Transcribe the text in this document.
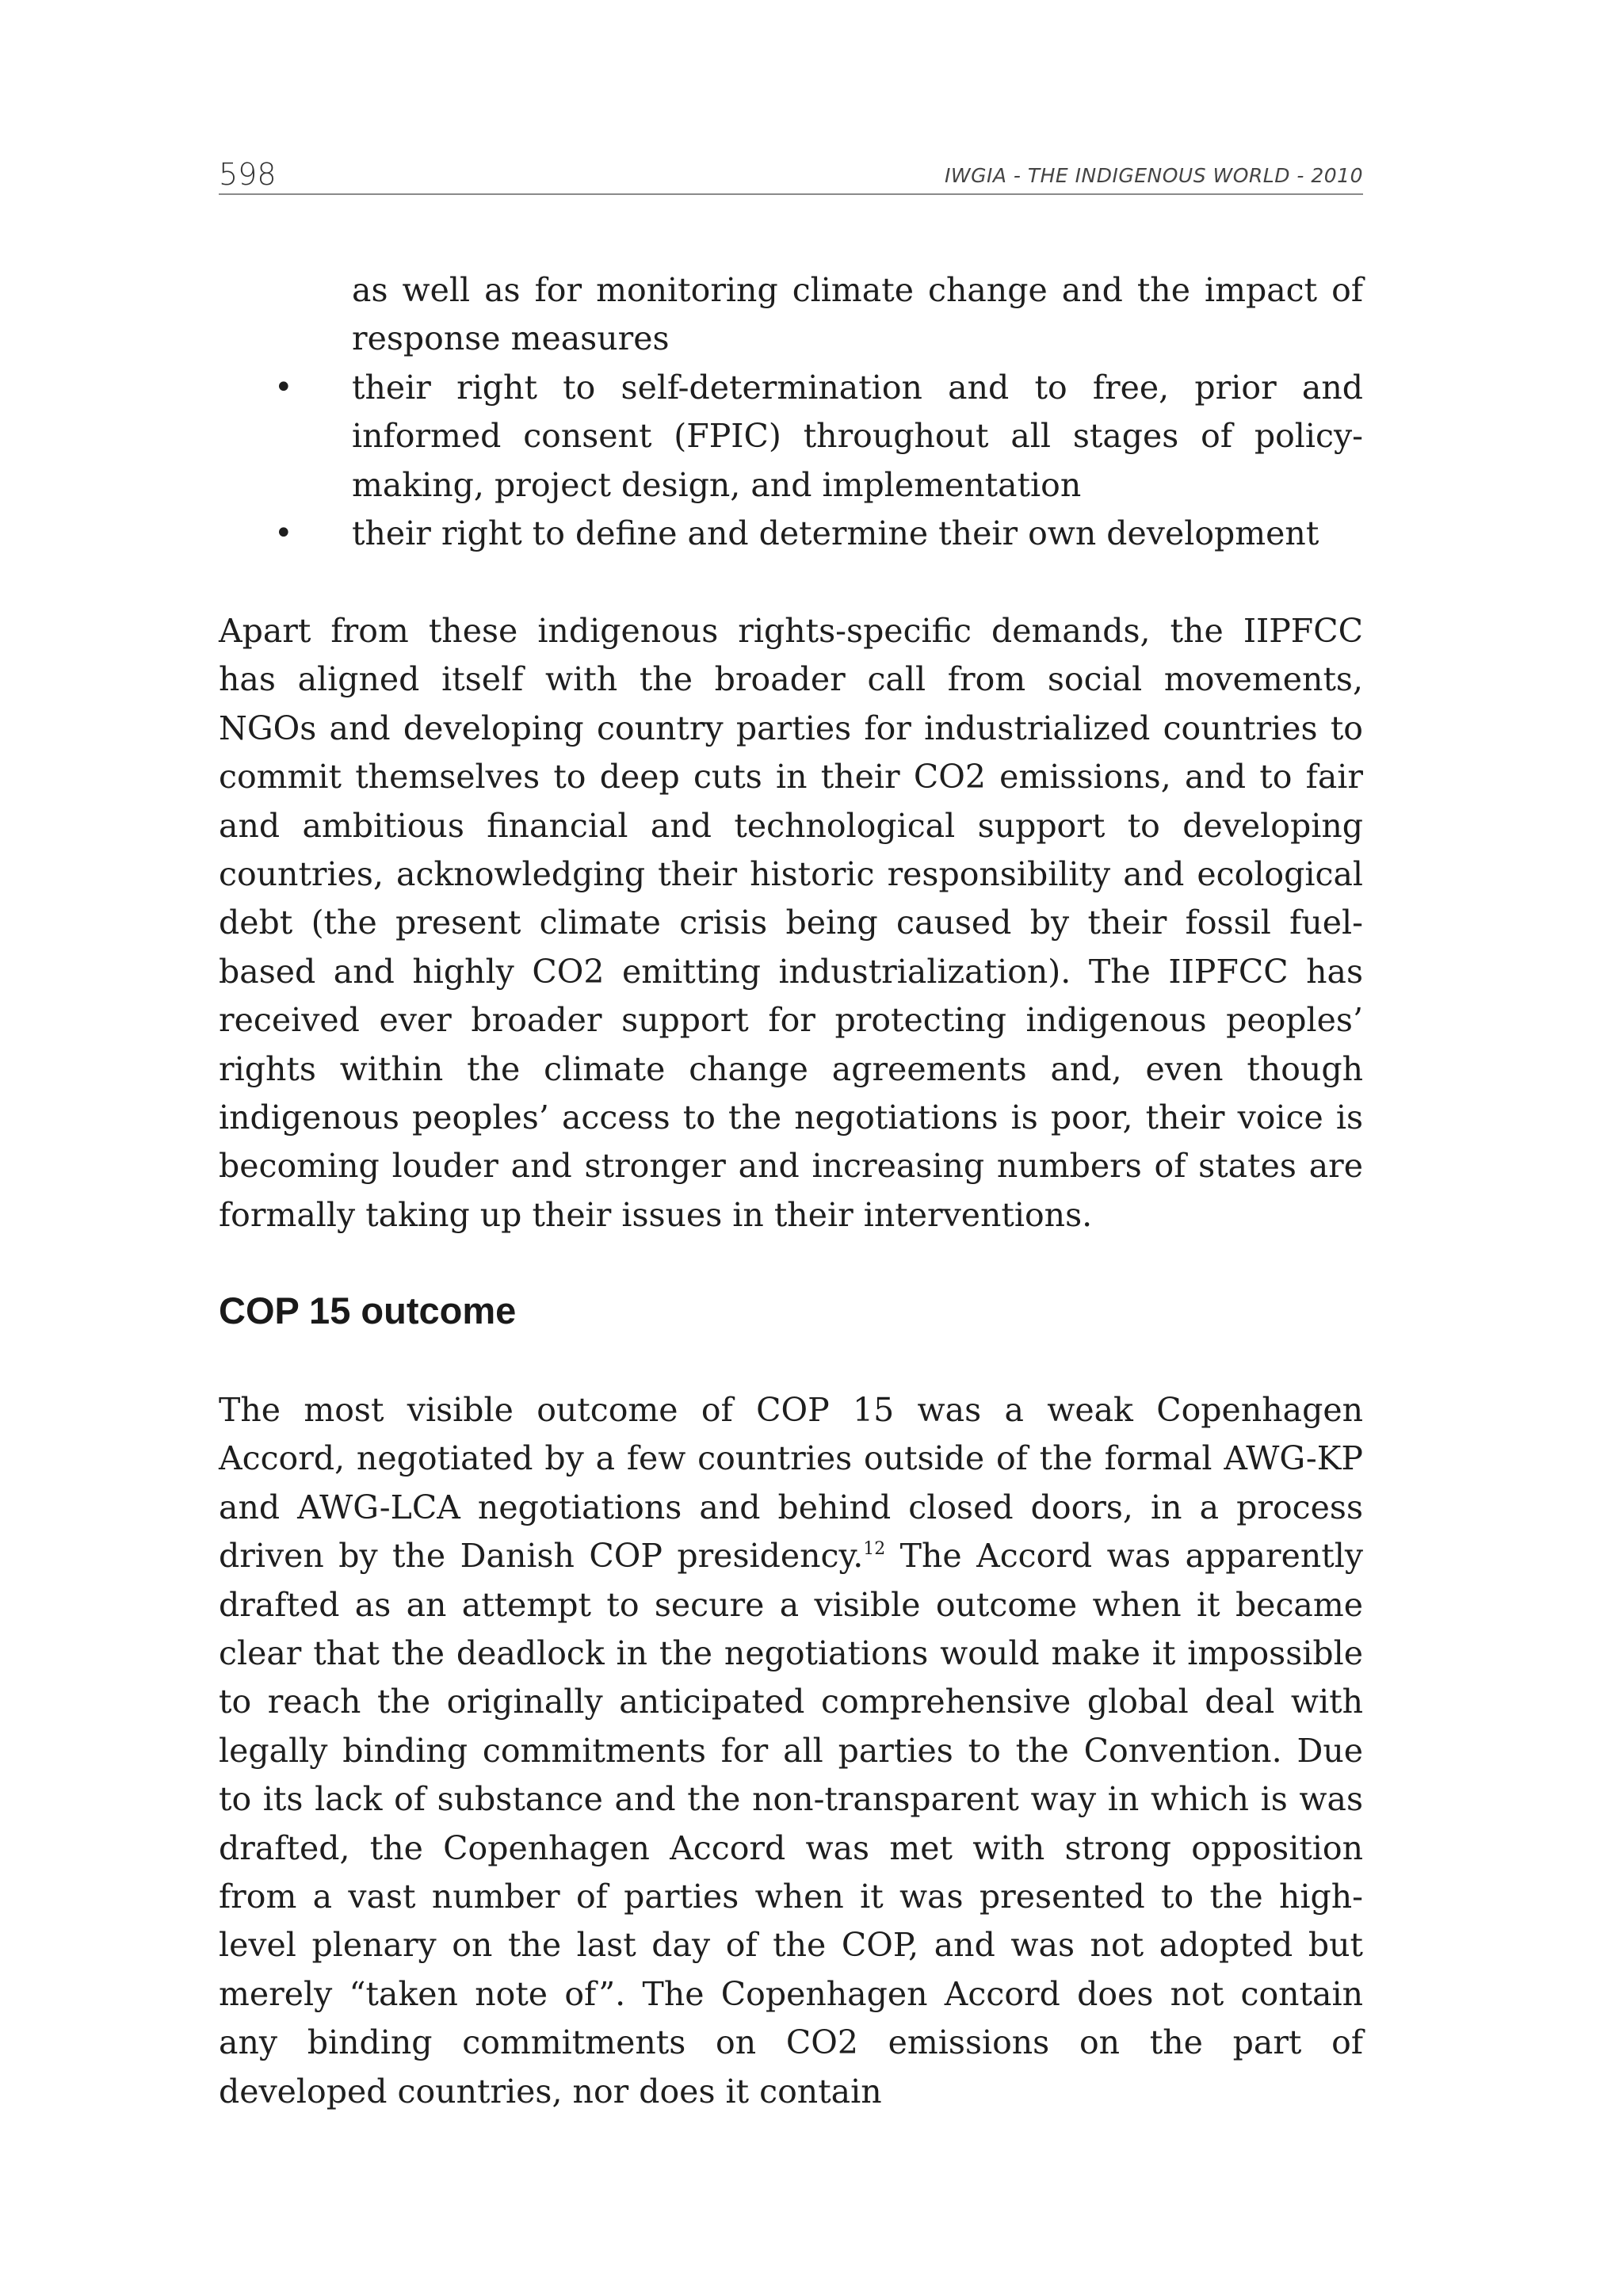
598	IWGIA - THE INDIGENOUS WORLD - 2010

as well as for monitoring climate change and the impact of response measures

• their right to self-determination and to free, prior and informed consent (FPIC) throughout all stages of policy-making, project design, and implementation
• their right to define and determine their own development

Apart from these indigenous rights-specific demands, the IIPFCC has aligned itself with the broader call from social movements, NGOs and developing country parties for industrialized countries to commit themselves to deep cuts in their CO2 emissions, and to fair and ambitious financial and technological support to developing countries, acknowledging their historic responsibility and ecological debt (the present climate crisis being caused by their fossil fuel-based and highly CO2 emitting industrialization). The IIPFCC has received ever broader support for protecting indigenous peoples’ rights within the climate change agreements and, even though indigenous peoples’ access to the negotiations is poor, their voice is becoming louder and stronger and increasing numbers of states are formally taking up their issues in their interventions.

COP 15 outcome

The most visible outcome of COP 15 was a weak Copenhagen Accord, negotiated by a few countries outside of the formal AWG-KP and AWG-LCA negotiations and behind closed doors, in a process driven by the Danish COP presidency.$^{12}$ The Accord was apparently drafted as an attempt to secure a visible outcome when it became clear that the deadlock in the negotiations would make it impossible to reach the originally anticipated comprehensive global deal with legally binding commitments for all parties to the Convention. Due to its lack of substance and the non-transparent way in which is was drafted, the Copenhagen Accord was met with strong opposition from a vast number of parties when it was presented to the high-level plenary on the last day of the COP, and was not adopted but merely “taken note of”. The Copenhagen Accord does not contain any binding commitments on CO2 emissions on the part of developed countries, nor does it contain
